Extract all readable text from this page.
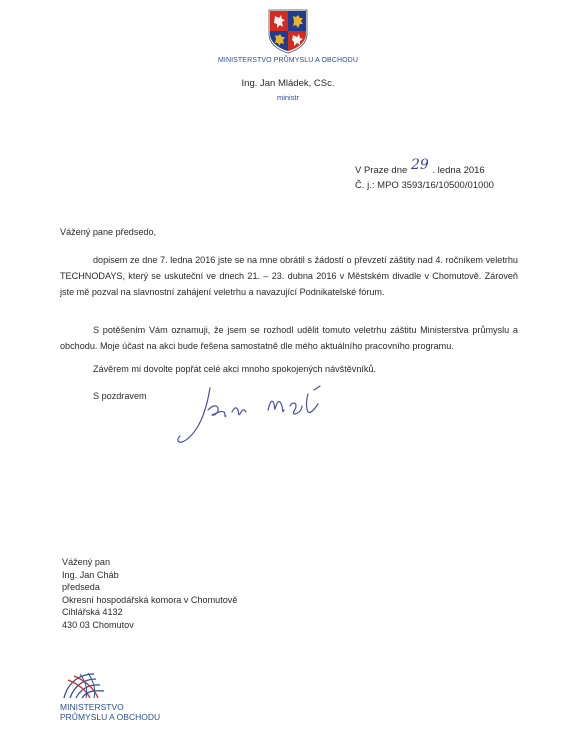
MINISTERSTVO PRŮMYSLU A OBCHODU
Ing. Jan Mládek, CSc.
ministr
V Praze dne 29 . ledna 2016
Č. j.: MPO 3593/16/10500/01000
Vážený pane předsedo,
dopisem ze dne 7. ledna 2016 jste se na mne obrátil s žádostí o převzetí záštity nad 4. ročníkem veletrhu TECHNODAYS, který se uskuteční ve dnech 21. – 23. dubna 2016 v Městském divadle v Chomutově. Zároveň jste mě pozval na slavnostní zahájení veletrhu a navazující Podnikatelské fórum.
S potěšením Vám oznamuji, že jsem se rozhodl udělit tomuto veletrhu záštitu Ministerstva průmyslu a obchodu. Moje účast na akci bude řešena samostatně dle mého aktuálního pracovního programu.
Závěrem mi dovolte popřát celé akci mnoho spokojených návštěvníků.
S pozdravem
Vážený pan
Ing. Jan Cháb
předseda
Okresní hospodářská komora v Chomutově
Cihlářská 4132
430 03 Chomutov
MINISTERSTVO
PRŮMYSLU A OBCHODU
